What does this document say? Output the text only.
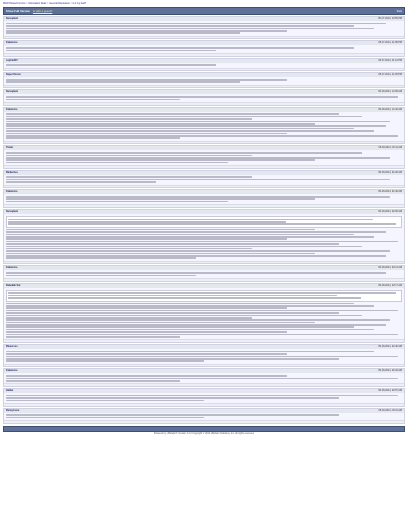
WAN Hosted Forums > Information Desk > General Discussion > Is it my bad?
Show Full Version Is (d)It a guest?	Tools
Sunsplash	05-17-2014, 10:55 PM
Fabamore	05-17-2014, 11:05 PM
sophie537	05-17-2014, 11:14 PM
Super Devon	05-17-2014, 11:29 PM
Sunsplash	05-18-2014, 12:09 AM
Fabamore	05-18-2014, 12:42 AM
Trelan	05-18-2014, 01:11 AM
Bluberries	05-18-2014, 01:26 AM
Fabamore	05-18-2014, 01:40 AM
Sunsplash	05-18-2014, 02:06 AM
Fabamore	05-18-2014, 02:14 AM
Rebekah Kai	05-18-2014, 02:17 AM
Bluecross	05-18-2014, 02:40 AM
Fabamore	05-18-2014, 02:42 AM
Hallan	05-18-2014, 02:57 AM
Bunnymore	05-18-2014, 03:11 AM
Powered by: vBulletin® Version 4.2.2 Copyright © 2014 vBulletin Solutions, Inc. All rights reserved.
